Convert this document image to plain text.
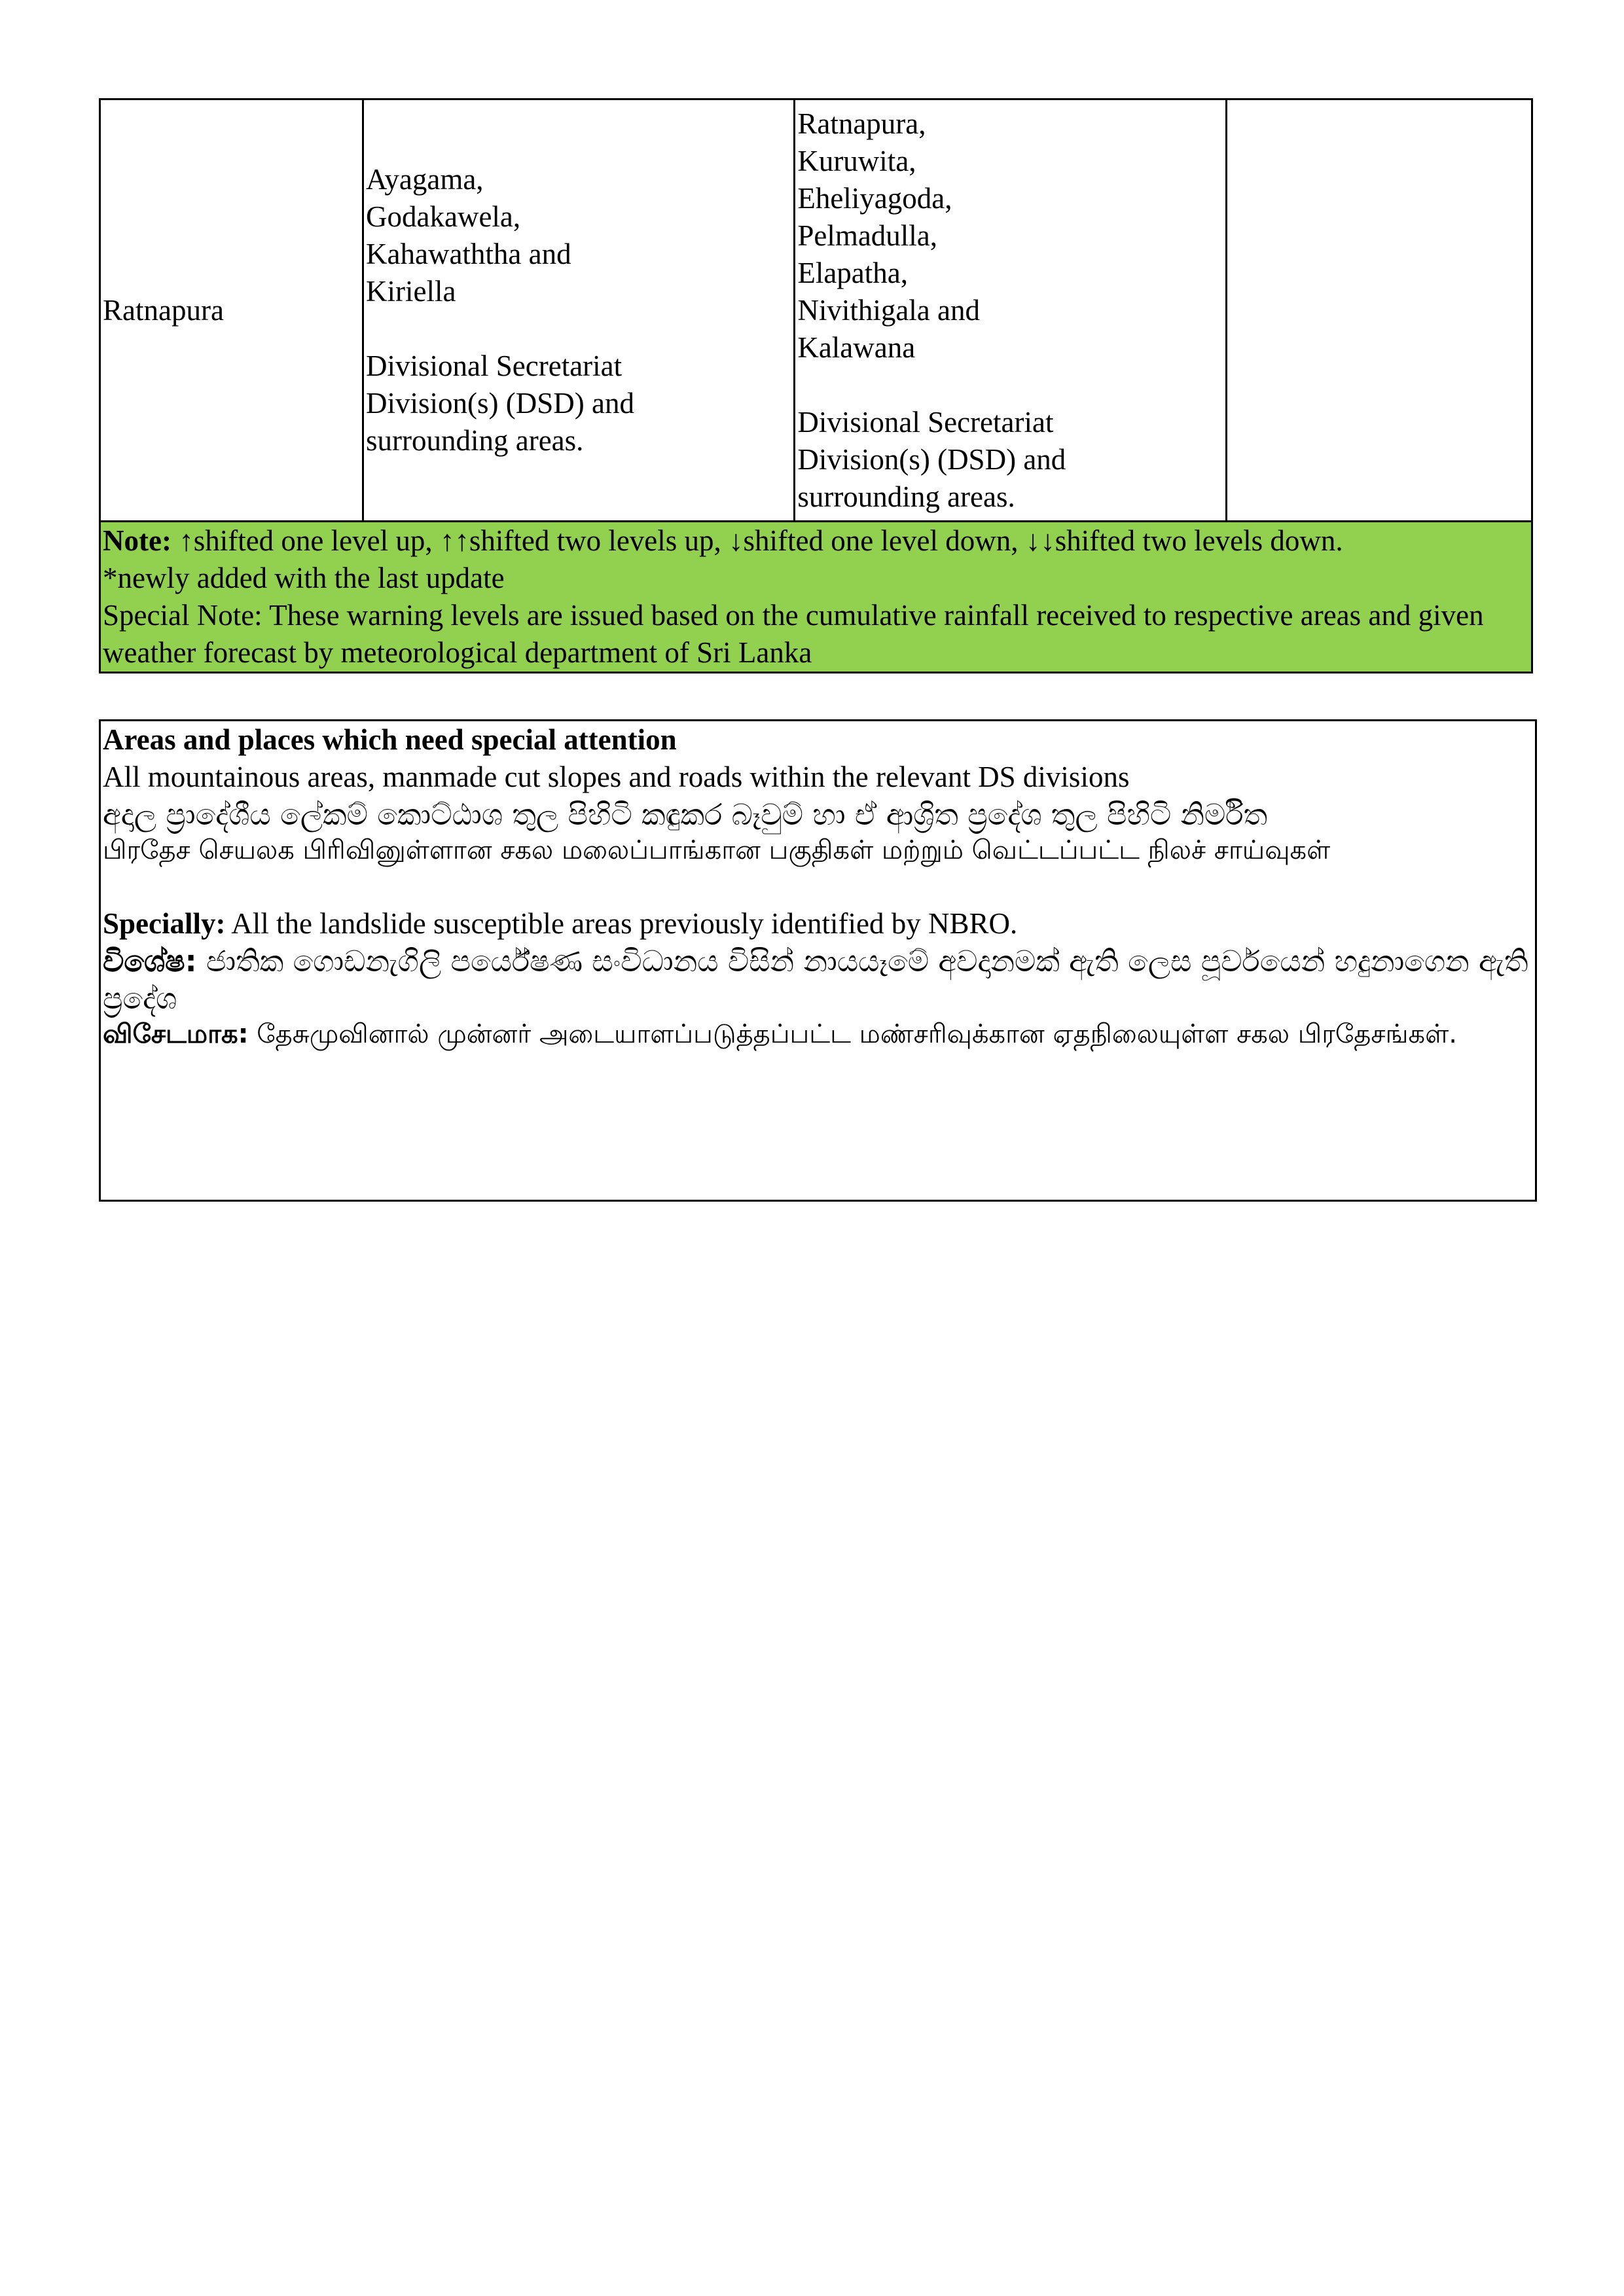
Ratnapura	Ayagama,
Godakawela,
Kahawaththa and
Kiriella

Divisional Secretariat
Division(s) (DSD) and
surrounding areas.	Ratnapura,
Kuruwita,
Eheliyagoda,
Pelmadulla,
Elapatha,
Nivithigala and
Kalawana

Divisional Secretariat
Division(s) (DSD) and
surrounding areas.	

Note: ↑shifted one level up, ↑↑shifted two levels up, ↓shifted one level down, ↓↓shifted two levels down.
*newly added with the last update
Special Note: These warning levels are issued based on the cumulative rainfall received to respective areas and given weather forecast by meteorological department of Sri Lanka
Areas and places which need special attention
All mountainous areas, manmade cut slopes and roads within the relevant DS divisions
අදාල ප්‍රාදේශීය ලේකම් කොට්ඨාශ තුල පිහිටි කඳුකර බෑවුම් හා ඒ ආශ්‍රිත ප්‍රදේශ තුල පිහිටි නිර්මිත
பிரதேச செயலக பிரிவினுள்ளான சகல மலைப்பாங்கான பகுதிகள் மற்றும் வெட்டப்பட்ட நிலச் சாய்வுகள்
Specially: All the landslide susceptible areas previously identified by NBRO.
විශේෂ: ජාතික ගොඩනැගිලි පර්යේෂණ සංවිධානය විසින් නායයෑමේ අවදානමක් ඇති ලෙස පූර්වයෙන් හදුනාගෙන ඇති ප්‍රදේශ
விசேடமாக: தேசுமுவினால் முன்னர் அடையாளப்படுத்தப்பட்ட மண்சரிவுக்கான ஏதநிலையுள்ள சகல பிரதேசங்கள்.
